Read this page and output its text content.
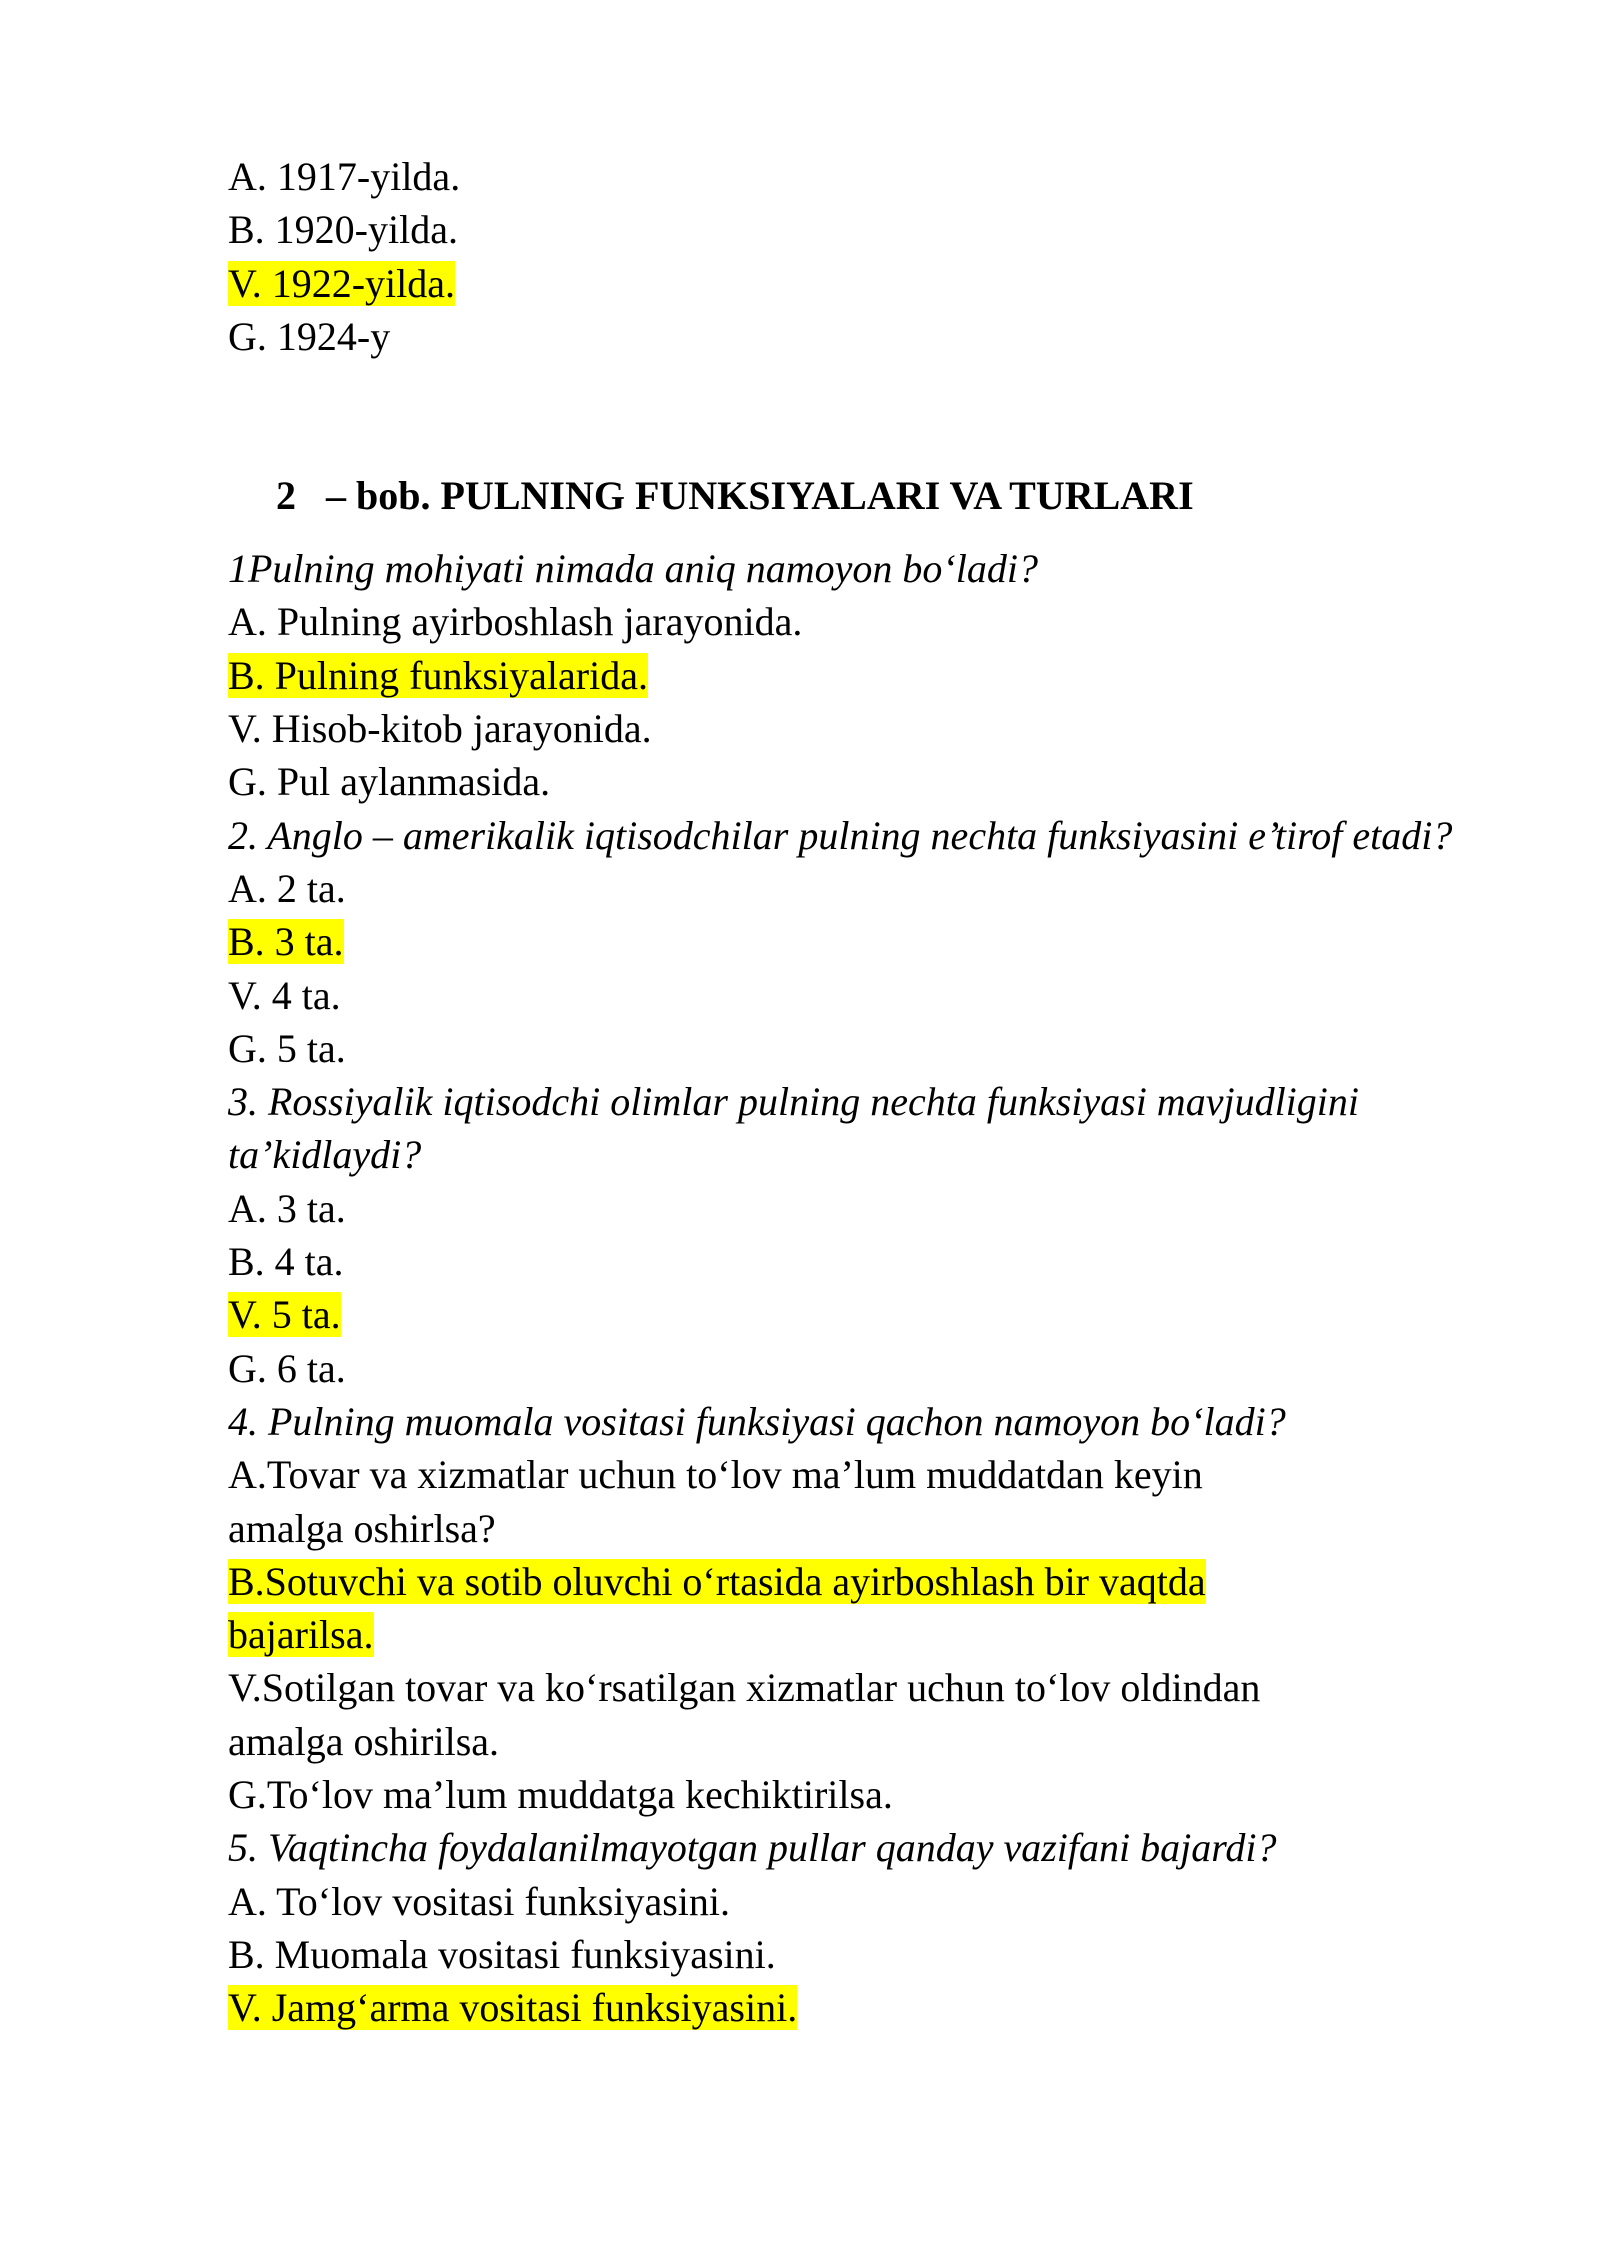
A. 1917-yilda.
B. 1920-yilda.
V. 1922-yilda.
G. 1924-y
2 – bob. PULNING FUNKSIYALARI VA TURLARI
1Pulning mohiyati nimada aniq namoyon bo‘ladi?
A. Pulning ayirboshlash jarayonida.
B. Pulning funksiyalarida.
V. Hisob-kitob jarayonida.
G. Pul aylanmasida.
2. Anglo – amerikalik iqtisodchilar pulning nechta funksiyasini e’tirof etadi?
A. 2 ta.
B. 3 ta.
V. 4 ta.
G. 5 ta.
3. Rossiyalik iqtisodchi olimlar pulning nechta funksiyasi mavjudligini ta’kidlaydi?
A. 3 ta.
B. 4 ta.
V. 5 ta.
G. 6 ta.
4. Pulning muomala vositasi funksiyasi qachon namoyon bo‘ladi?
A.Tovar va xizmatlar uchun to‘lov ma’lum muddatdan keyin amalga oshirlsa?
B.Sotuvchi va sotib oluvchi o‘rtasida ayirboshlash bir vaqtda bajarilsa.
V.Sotilgan tovar va ko‘rsatilgan xizmatlar uchun to‘lov oldindan amalga oshirilsa.
G.To‘lov ma’lum muddatga kechiktirilsa.
5. Vaqtincha foydalanilmayotgan pullar qanday vazifani bajardi?
A. To‘lov vositasi funksiyasini.
B. Muomala vositasi funksiyasini.
V. Jamg‘arma vositasi funksiyasini.
